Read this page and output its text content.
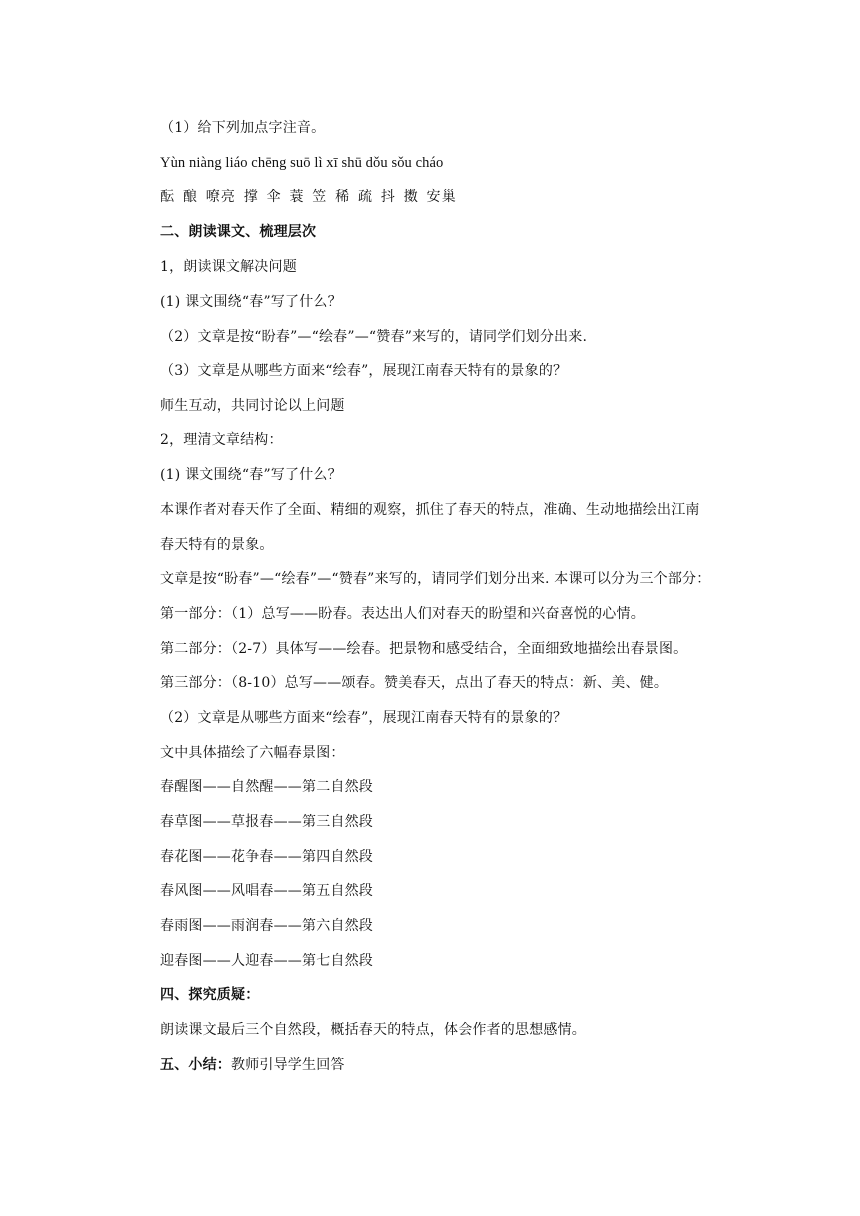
（1）给下列加点字注音。
Yùn niàng liáo chēng suō lì xī shū dǒu sǒu cháo
酝 酿 嘹亮 撑 伞 蓑 笠 稀 疏 抖 擞 安巢
二、朗读课文、梳理层次
1，朗读课文解决问题
(1) 课文围绕“春”写了什么？
（2）文章是按“盼春”—“绘春”—“赞春”来写的，请同学们划分出来.
（3）文章是从哪些方面来“绘春”，展现江南春天特有的景象的？
师生互动，共同讨论以上问题
2，理清文章结构：
(1) 课文围绕“春”写了什么？
本课作者对春天作了全面、精细的观察，抓住了春天的特点，准确、生动地描绘出江南
春天特有的景象。
文章是按“盼春”—“绘春”—“赞春”来写的，请同学们划分出来. 本课可以分为三个部分：
第一部分：（1）总写——盼春。表达出人们对春天的盼望和兴奋喜悦的心情。
第二部分：（2-7）具体写——绘春。把景物和感受结合，全面细致地描绘出春景图。
第三部分：（8-10）总写——颂春。赞美春天，点出了春天的特点：新、美、健。
（2）文章是从哪些方面来“绘春”，展现江南春天特有的景象的？
文中具体描绘了六幅春景图：
春醒图——自然醒——第二自然段
春草图——草报春——第三自然段
春花图——花争春——第四自然段
春风图——风唱春——第五自然段
春雨图——雨润春——第六自然段
迎春图——人迎春——第七自然段
四、探究质疑：
朗读课文最后三个自然段，概括春天的特点，体会作者的思想感情。
五、小结：教师引导学生回答
